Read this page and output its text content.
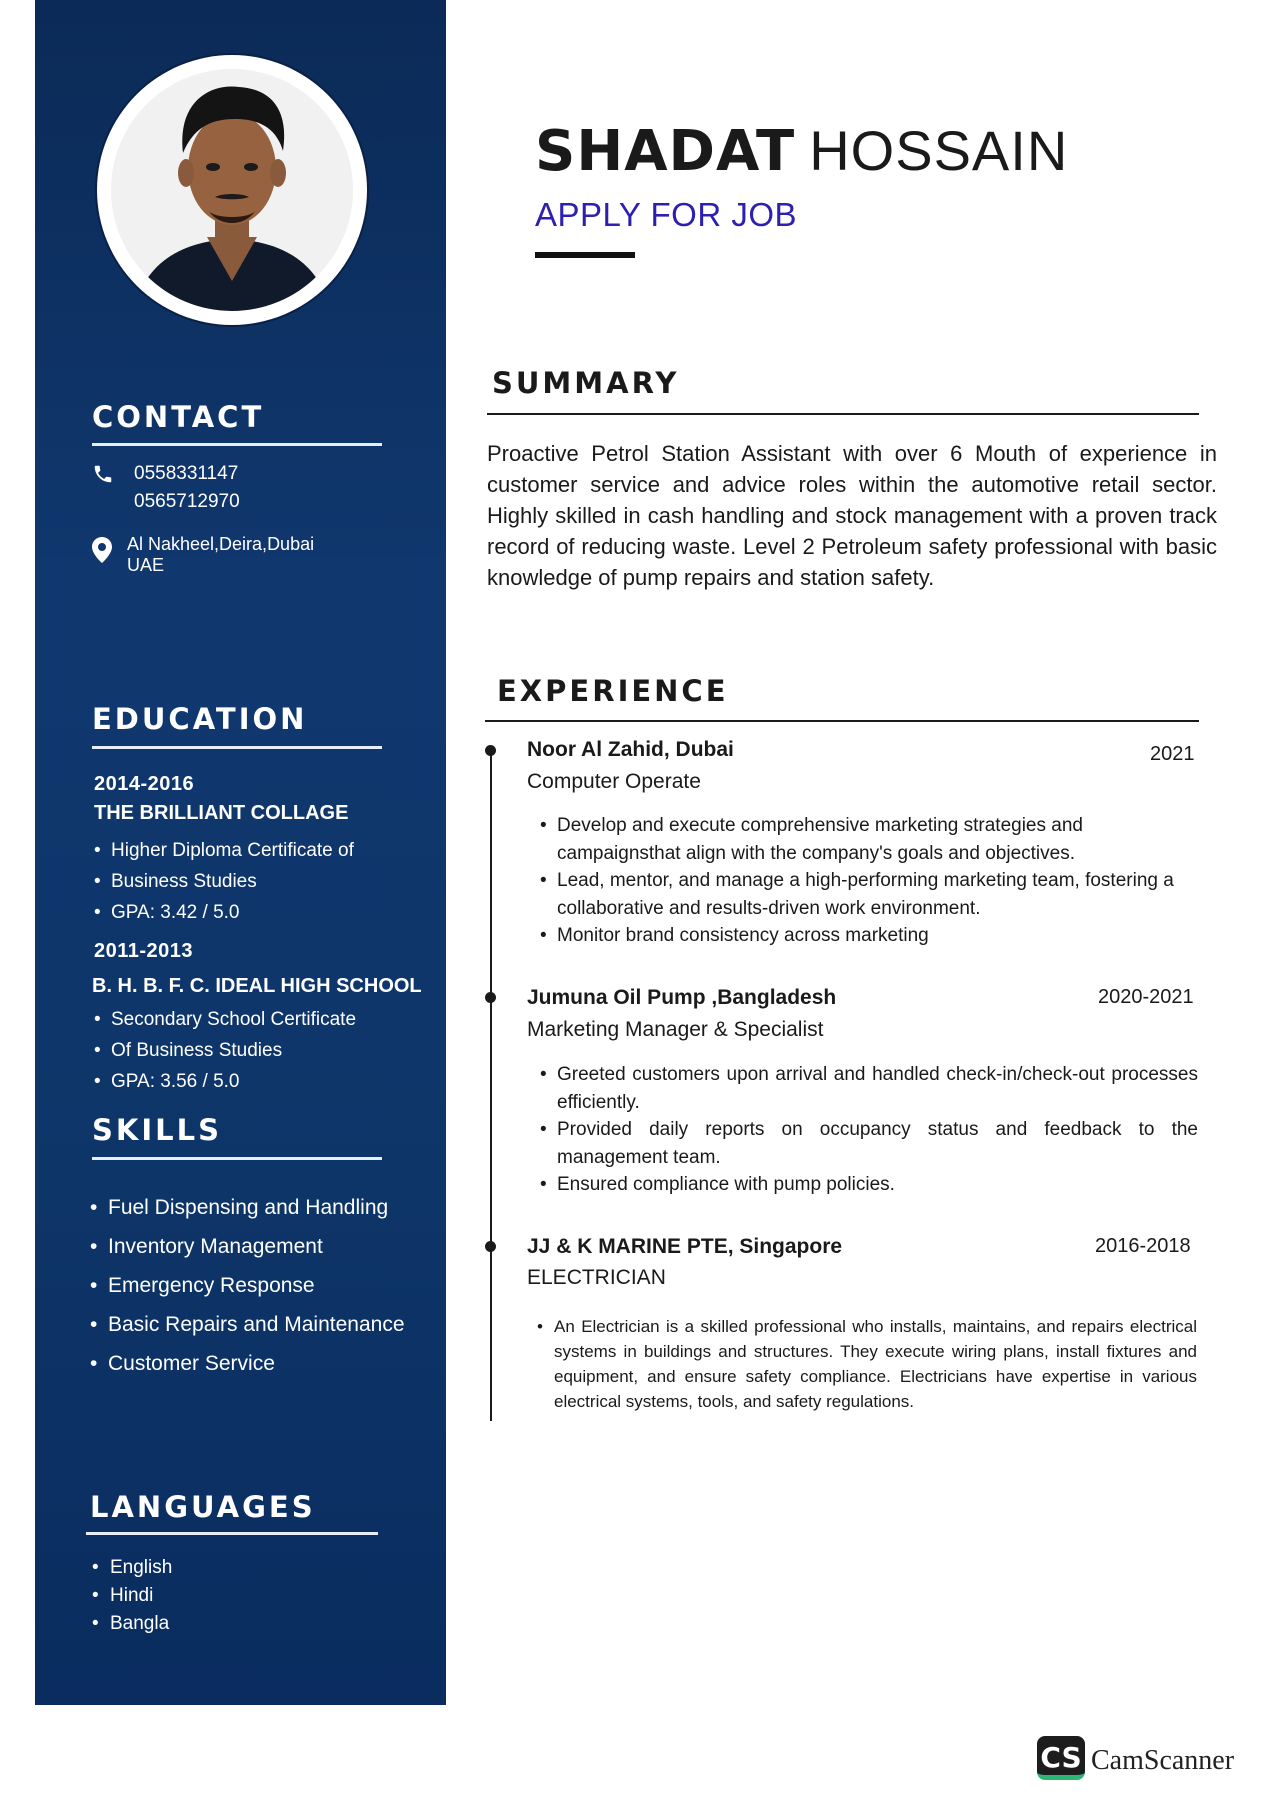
CONTACT
0558331147
0565712970
Al Nakheel,Deira,Dubai
UAE
EDUCATION
2014-2016
THE BRILLIANT COLLAGE
Higher Diploma Certificate of
Business Studies
GPA: 3.42 / 5.0
2011-2013
B. H. B. F. C. IDEAL HIGH SCHOOL
Secondary School Certificate
Of Business Studies
GPA: 3.56 / 5.0
SKILLS
• Fuel Dispensing and Handling
• Inventory Management
• Emergency Response
• Basic Repairs and Maintenance
• Customer Service
LANGUAGES
• English
• Hindi
• Bangla
SHADAT HOSSAIN
APPLY FOR JOB
SUMMARY
Proactive Petrol Station Assistant with over 6 Mouth of experience in customer service and advice roles within the automotive retail sector. Highly skilled in cash handling and stock management with a proven track record of reducing waste. Level 2 Petroleum safety professional with basic knowledge of pump repairs and station safety.
EXPERIENCE
Noor Al Zahid, Dubai	2021
Computer Operate
• Develop and execute comprehensive marketing strategies and campaignsthat align with the company's goals and objectives.
• Lead, mentor, and manage a high-performing marketing team, fostering a collaborative and results-driven work environment.
• Monitor brand consistency across marketing
Jumuna Oil Pump ,Bangladesh	2020-2021
Marketing Manager & Specialist
• Greeted customers upon arrival and handled check-in/check-out processes efficiently.
• Provided daily reports on occupancy status and feedback to the management team.
• Ensured compliance with pump policies.
JJ & K MARINE PTE, Singapore	2016-2018
ELECTRICIAN
• An Electrician is a skilled professional who installs, maintains, and repairs electrical systems in buildings and structures. They execute wiring plans, install fixtures and equipment, and ensure safety compliance. Electricians have expertise in various electrical systems, tools, and safety regulations.
CS CamScanner
